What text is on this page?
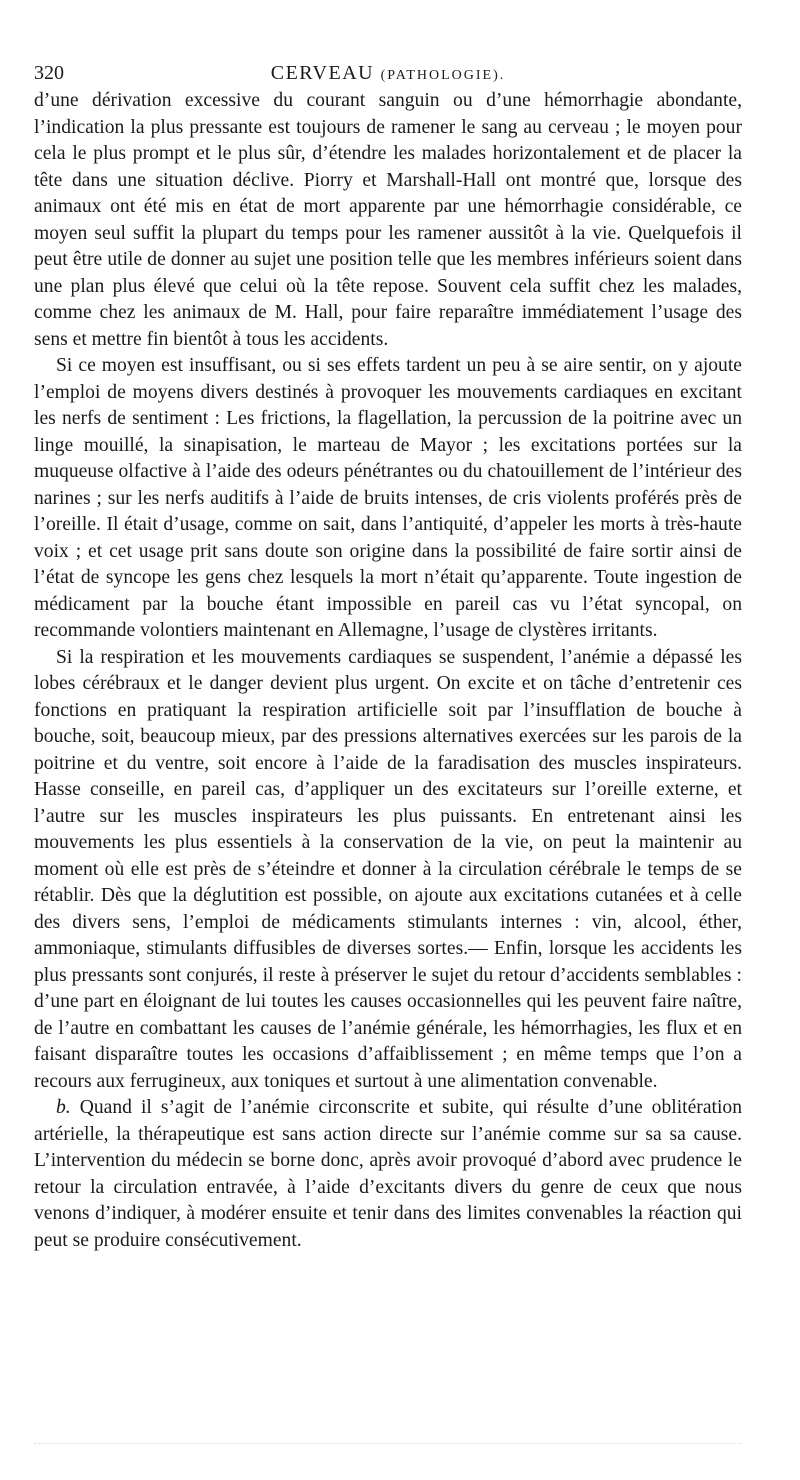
320	CERVEAU (PATHOLOGIE).

d’une dérivation excessive du courant sanguin ou d’une hémorrhagie abondante, l’indication la plus pressante est toujours de ramener le sang au cerveau ; le moyen pour cela le plus prompt et le plus sûr, d’étendre les malades horizontalement et de placer la tête dans une situation déclive. Piorry et Marshall-Hall ont montré que, lorsque des animaux ont été mis en état de mort apparente par une hémorrhagie considérable, ce moyen seul suffit la plupart du temps pour les ramener aussitôt à la vie. Quelquefois il peut être utile de donner au sujet une position telle que les membres inférieurs soient dans une plan plus élevé que celui où la tête repose. Souvent cela suffit chez les malades, comme chez les animaux de M. Hall, pour faire reparaître immédiatement l’usage des sens et mettre fin bientôt à tous les accidents.

Si ce moyen est insuffisant, ou si ses effets tardent un peu à se aire sentir, on y ajoute l’emploi de moyens divers destinés à provoquer les mouvements cardiaques en excitant les nerfs de sentiment : Les frictions, la flagellation, la percussion de la poitrine avec un linge mouillé, la sinapisation, le marteau de Mayor ; les excitations portées sur la muqueuse olfactive à l’aide des odeurs pénétrantes ou du chatouillement de l’intérieur des narines ; sur les nerfs auditifs à l’aide de bruits intenses, de cris violents proférés près de l’oreille. Il était d’usage, comme on sait, dans l’antiquité, d’appeler les morts à très-haute voix ; et cet usage prit sans doute son origine dans la possibilité de faire sortir ainsi de l’état de syncope les gens chez lesquels la mort n’était qu’apparente. Toute ingestion de médicament par la bouche étant impossible en pareil cas vu l’état syncopal, on recommande volontiers maintenant en Allemagne, l’usage de clystères irritants.

Si la respiration et les mouvements cardiaques se suspendent, l’anémie a dépassé les lobes cérébraux et le danger devient plus urgent. On excite et on tâche d’entretenir ces fonctions en pratiquant la respiration artificielle soit par l’insufflation de bouche à bouche, soit, beaucoup mieux, par des pressions alternatives exercées sur les parois de la poitrine et du ventre, soit encore à l’aide de la faradisation des muscles inspirateurs. Hasse conseille, en pareil cas, d’appliquer un des excitateurs sur l’oreille externe, et l’autre sur les muscles inspirateurs les plus puissants. En entretenant ainsi les mouvements les plus essentiels à la conservation de la vie, on peut la maintenir au moment où elle est près de s’éteindre et donner à la circulation cérébrale le temps de se rétablir. Dès que la déglutition est possible, on ajoute aux excitations cutanées et à celle des divers sens, l’emploi de médicaments stimulants internes : vin, alcool, éther, ammoniaque, stimulants diffusibles de diverses sortes.— Enfin, lorsque les accidents les plus pressants sont conjurés, il reste à préserver le sujet du retour d’accidents semblables : d’une part en éloignant de lui toutes les causes occasionnelles qui les peuvent faire naître, de l’autre en combattant les causes de l’anémie générale, les hémorrhagies, les flux et en faisant disparaître toutes les occasions d’affaiblissement ; en même temps que l’on a recours aux ferrugineux, aux toniques et surtout à une alimentation convenable.

b. Quand il s’agit de l’anémie circonscrite et subite, qui résulte d’une oblitération artérielle, la thérapeutique est sans action directe sur l’anémie comme sur sa sa cause. L’intervention du médecin se borne donc, après avoir provoqué d’abord avec prudence le retour la circulation entravée, à l’aide d’excitants divers du genre de ceux que nous venons d’indiquer, à modérer ensuite et tenir dans des limites convenables la réaction qui peut se produire consécutivement.
